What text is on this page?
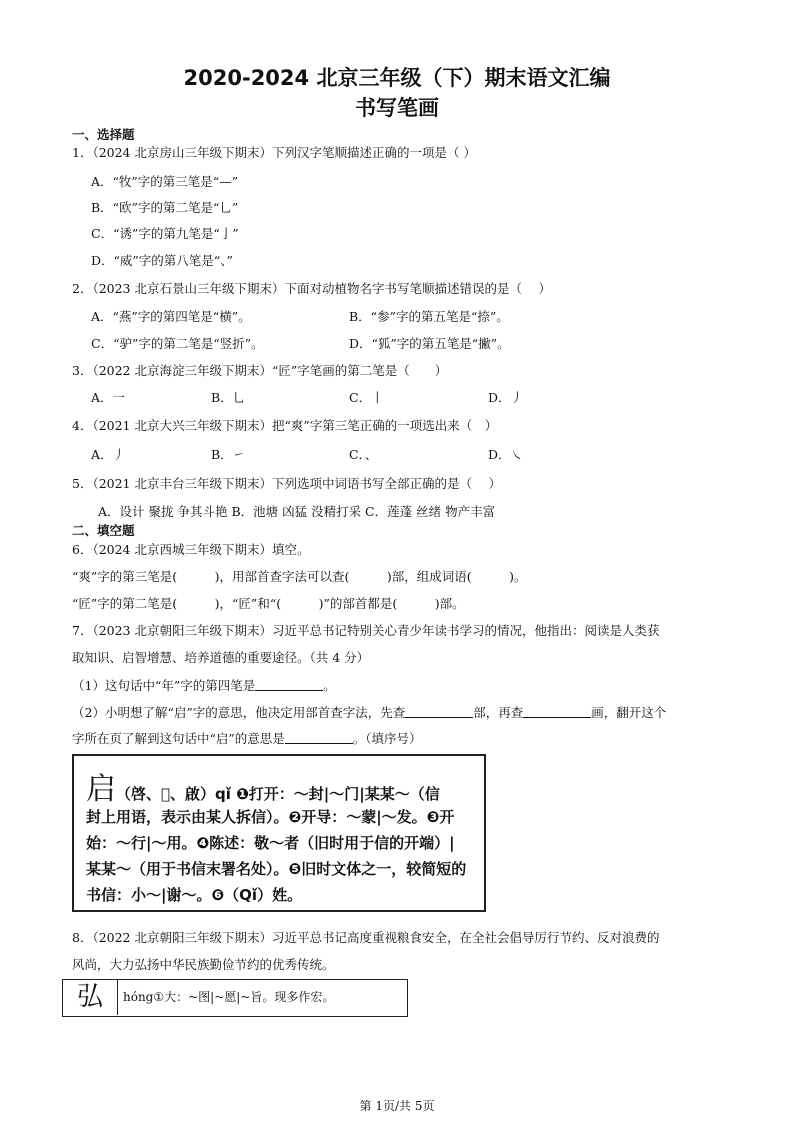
2020-2024 北京三年级（下）期末语文汇编
书写笔画
一、选择题
1．（2024 北京房山三年级下期末）下列汉字笔顺描述正确的一项是（ ）
A．“牧”字的第三笔是“—”
B．“欧”字的第二笔是“乚”
C．“诱”字的第九笔是“亅”
D．“威”字的第八笔是“、”
2．（2023 北京石景山三年级下期末）下面对动植物名字书写笔顺描述错误的是（　 ）
A．“燕”字的第四笔是“横”。	B．“参”字的第五笔是“捺”。
C．“驴”字的第二笔是“竖折”。	D．“狐”字的第五笔是“撇”。
3．（2022 北京海淀三年级下期末）“匠”字笔画的第二笔是（　　）
A．一	B．乚	C．丨	D．丿
4．（2021 北京大兴三年级下期末）把“爽”字第三笔正确的一项选出来（　）
A．丿	B．㇀	C．、	D．㇏
5．（2021 北京丰台三年级下期末）下列选项中词语书写全部正确的是（　 ）
A．设计 聚拢 争其斗艳 B．池塘 凶猛 没精打采 C．莲蓬 丝绪 物产丰富
二、填空题
6．（2024 北京西城三年级下期末）填空。
“爽”字的第三笔是(　　　)，用部首查字法可以查(　　　)部，组成词语(　　　)。
“匠”字的第二笔是(　　　)，“匠”和“(　　　)”的部首都是(　　　)部。
7．（2023 北京朝阳三年级下期末）习近平总书记特别关心青少年读书学习的情况，他指出：阅读是人类获
取知识、启智增慧、培养道德的重要途径。（共 4 分）
（1）这句话中“年”字的第四笔是	。
（2）小明想了解“启”字的意思，他决定用部首查字法，先查	部，再查	画，翻开这个
字所在页了解到这句话中“启”的意思是	。（填序号）
启（啓、𢼸、啟）qǐ ❶打开：～封|～门|某某～（信
封上用语，表示由某人拆信）。❷开导：～蒙|～发。❸开
始：～行|～用。❹陈述：敬～者（旧时用于信的开端）|
某某～（用于书信末署名处）。❺旧时文体之一，较简短的
书信：小～|谢～。❻（Qǐ）姓。
8．（2022 北京朝阳三年级下期末）习近平总书记高度重视粮食安全，在全社会倡导厉行节约、反对浪费的
风尚，大力弘扬中华民族勤俭节约的优秀传统。
弘	hóng①大：~图|~愿|~旨。现多作宏。
第 1页/共 5页
